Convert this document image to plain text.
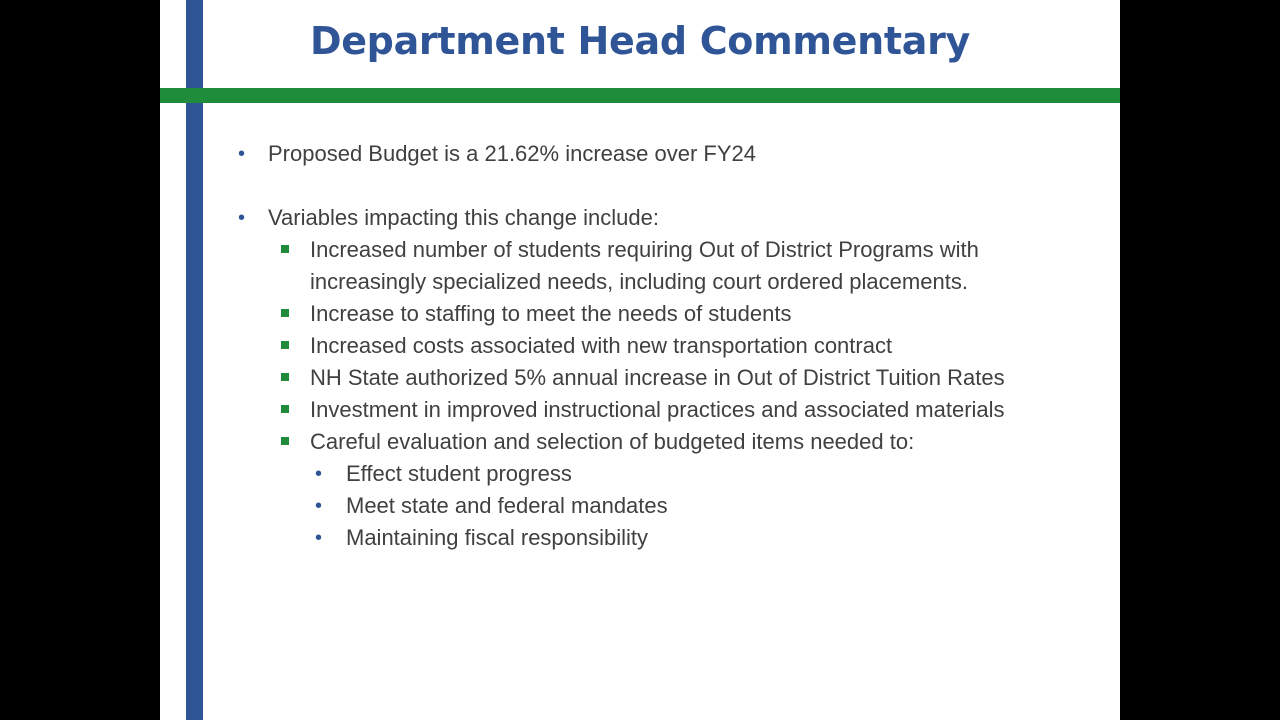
Department Head Commentary
• Proposed Budget is a 21.62% increase over FY24
• Variables impacting this change include:
Increased number of students requiring Out of District Programs with increasingly specialized needs, including court ordered placements.
Increase to staffing to meet the needs of students
Increased costs associated with new transportation contract
NH State authorized 5% annual increase in Out of District Tuition Rates
Investment in improved instructional practices and associated materials
Careful evaluation and selection of budgeted items needed to:
• Effect student progress
• Meet state and federal mandates
• Maintaining fiscal responsibility
